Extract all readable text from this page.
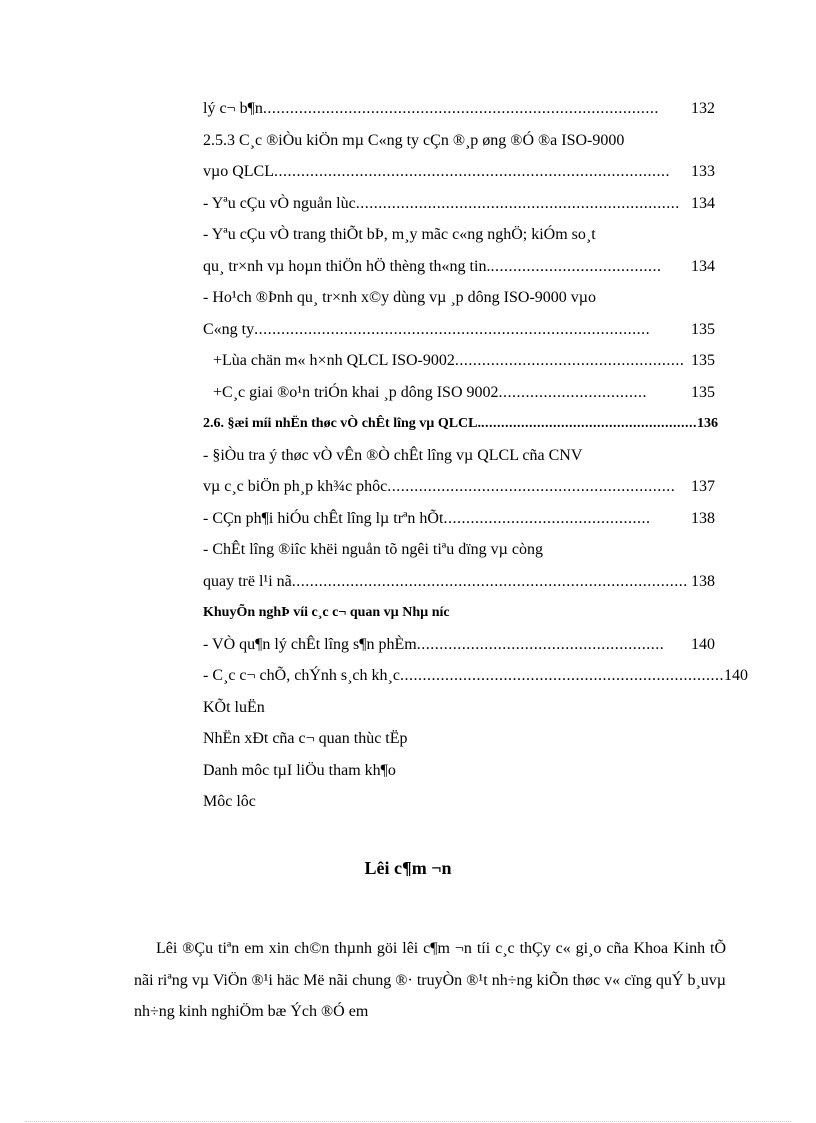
lý c¬ b¶n ........................................................................................	132
2.5.3 C¸c ®iÒu kiÖn mµ C«ng ty cÇn ®¸p øng ®Ó ®a ISO-9000
vµo QLCL ........................................................................................	133
- Yªu cÇu vÒ nguån lùc ........................................................................ 134
- Yªu cÇu vÒ trang thiÕt bÞ, m¸y mãc c«ng nghÖ; kiÓm so¸t
qu¸ tr×nh vµ hoµn thiÖn hÖ thèng th«ng tin. ......................................	134
- Ho¹ch ®Þnh qu¸ tr×nh x©y dùng vµ ¸p dông ISO-9000 vµo
C«ng ty ........................................................................................	135
+Lùa chän m« h×nh QLCL ISO-9002 ................................................... 135
+C¸c giai ®o¹n triÓn khai ¸p dông ISO 9002 .................................	135
2.6. §æi míi nhËn thøc vÒ chÊt lîng vµ QLCL. ...................................................... 136
- §iÒu tra ý thøc vÒ vÊn ®Ò chÊt lîng vµ QLCL cña CNV
vµ c¸c biÖn ph¸p kh¾c phôc ................................................................ 137
- CÇn ph¶i hiÓu chÊt lîng lµ trªn hÕt ..............................................	138
- ChÊt lîng ®iîc khëi nguån tõ ngêi tiªu dïng vµ còng
quay trë l¹i nã ........................................................................................ 138
KhuyÕn nghÞ víi c¸c c¬ quan vµ Nhµ níc
- VÒ qu¶n lý chÊt lîng s¶n phÈm .......................................................	140
- C¸c c¬ chÕ, chÝnh s¸ch kh¸c ........................................................................ 140
KÕt luËn
NhËn xÐt cña c¬ quan thùc tËp
Danh môc tµI liÖu tham kh¶o
Môc lôc
Lêi c¶m ¬n
Lêi ®Çu tiªn em xin ch©n thµnh göi lêi c¶m ¬n tíi c¸c thÇy c« gi¸o cña Khoa Kinh tÕ nãi riªng vµ ViÖn ®¹i häc Më nãi chung ®· truyÒn ®¹t nh÷ng kiÕn thøc v« cïng quÝ b¸uvµ nh÷ng kinh nghiÖm bæ Ých ®Ó em
